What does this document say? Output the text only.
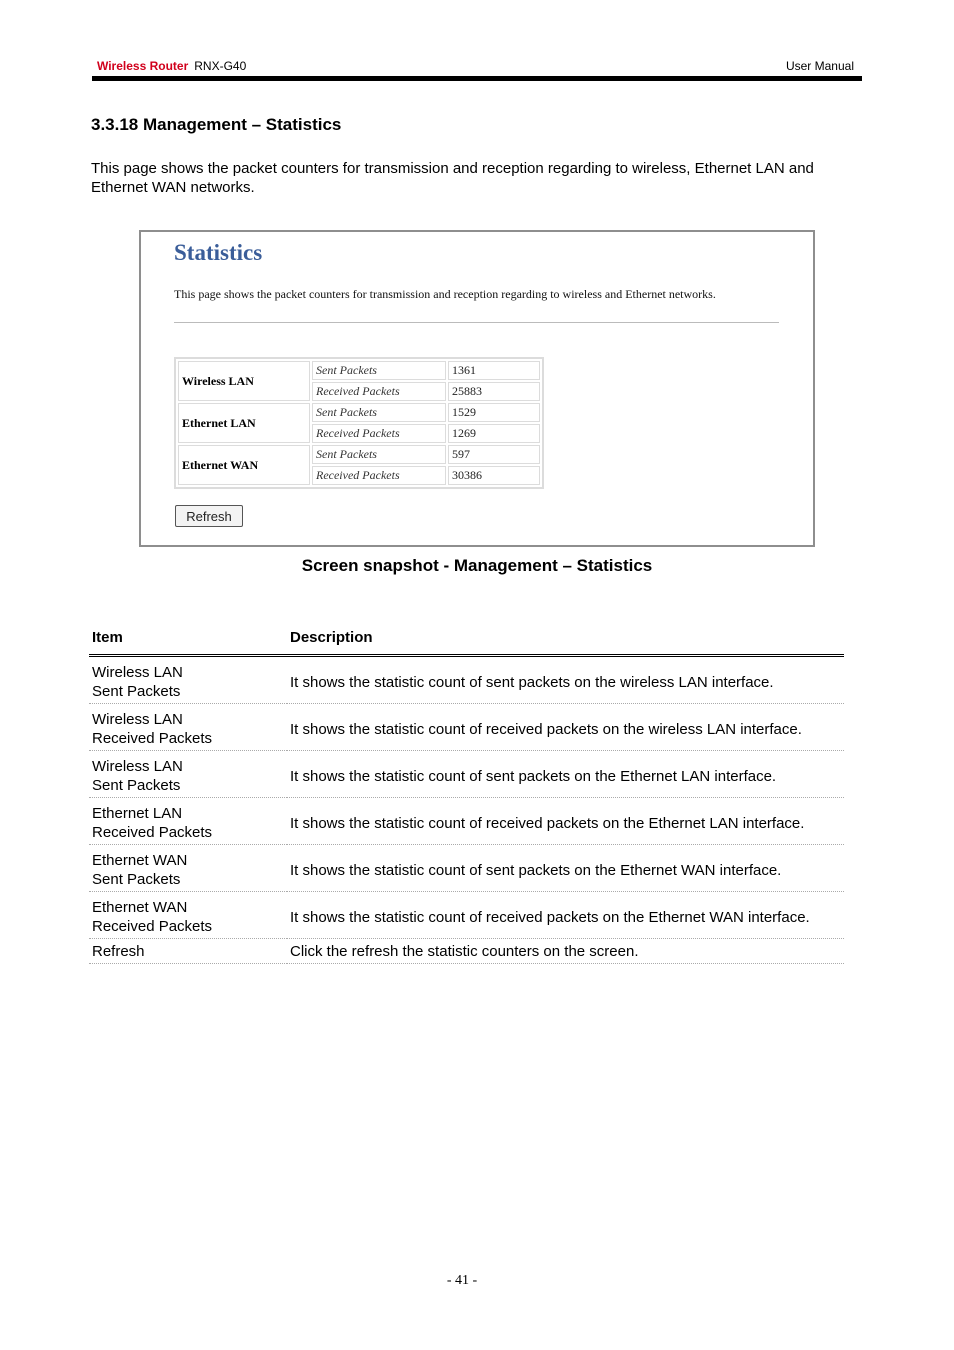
Wireless Router RNX-G40	User Manual
3.3.18 Management – Statistics

This page shows the packet counters for transmission and reception regarding to wireless, Ethernet LAN and Ethernet WAN networks.

Statistics
This page shows the packet counters for transmission and reception regarding to wireless and Ethernet networks.
Wireless LAN	Sent Packets	1361
	Received Packets	25883
Ethernet LAN	Sent Packets	1529
	Received Packets	1269
Ethernet WAN	Sent Packets	597
	Received Packets	30386
Refresh
Screen snapshot - Management – Statistics
Item	Description
Wireless LAN
Sent Packets	It shows the statistic count of sent packets on the wireless LAN interface.
Wireless LAN
Received Packets	It shows the statistic count of received packets on the wireless LAN interface.
Wireless LAN
Sent Packets	It shows the statistic count of sent packets on the Ethernet LAN interface.
Ethernet LAN
Received Packets	It shows the statistic count of received packets on the Ethernet LAN interface.
Ethernet WAN
Sent Packets	It shows the statistic count of sent packets on the Ethernet WAN interface.
Ethernet WAN
Received Packets	It shows the statistic count of received packets on the Ethernet WAN interface.
Refresh	Click the refresh the statistic counters on the screen.
- 41 -
